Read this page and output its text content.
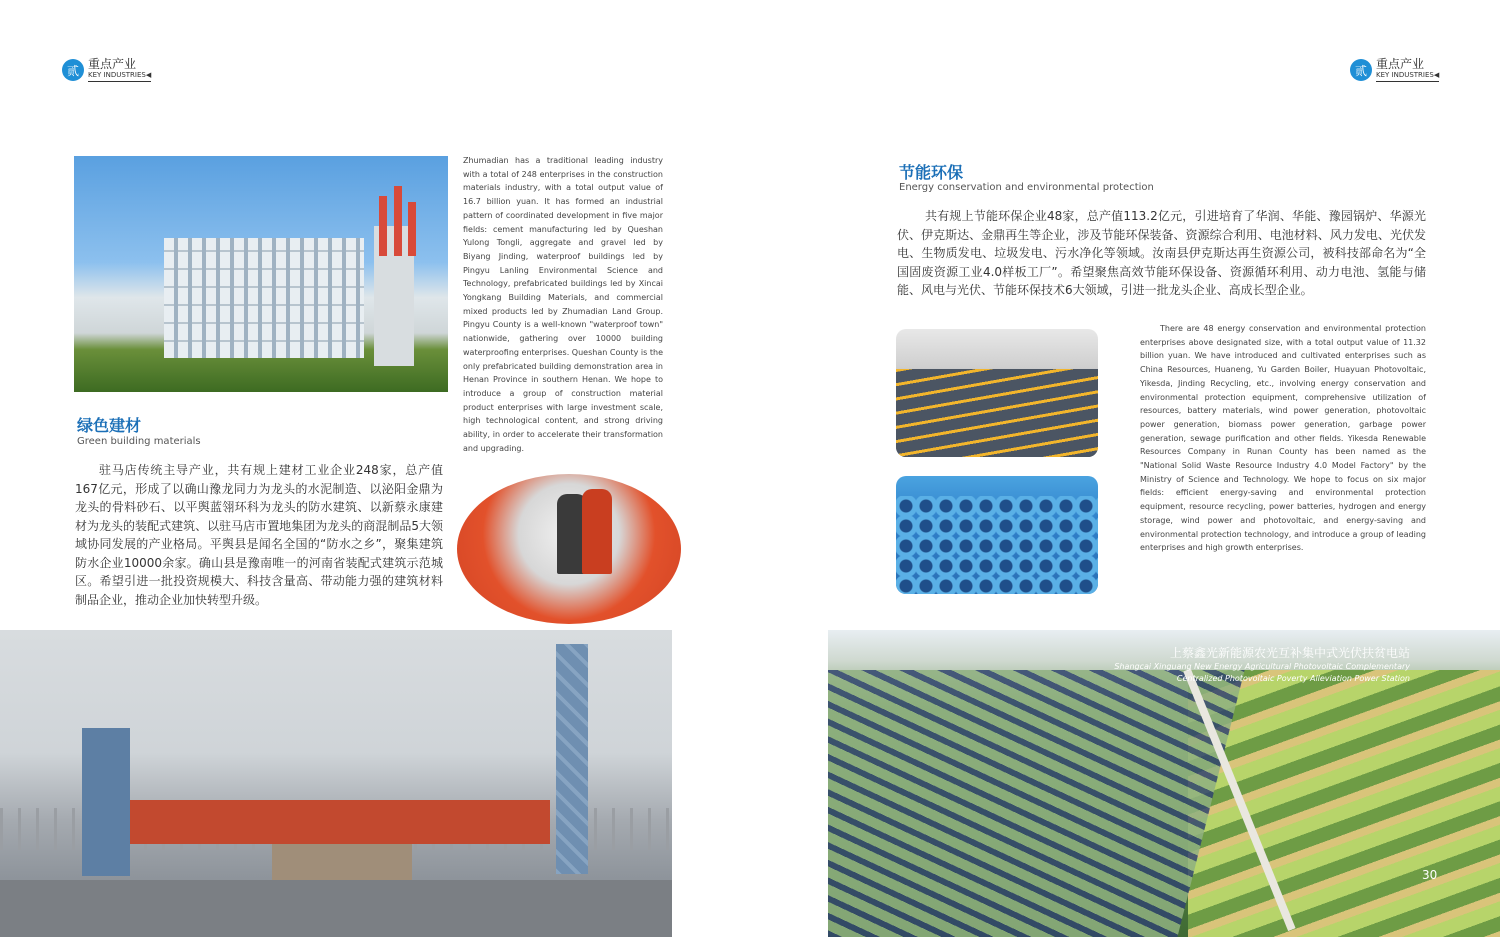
贰 重点产业
KEY INDUSTRIES◀	贰 重点产业
KEY INDUSTRIES◀
Zhumadian has a traditional leading industry with a total of 248 enterprises in the construction materials industry, with a total output value of 16.7 billion yuan. It has formed an industrial pattern of coordinated development in five major fields: cement manufacturing led by Queshan Yulong Tongli, aggregate and gravel led by Biyang Jinding, waterproof buildings led by Pingyu Lanling Environmental Science and Technology, prefabricated buildings led by Xincai Yongkang Building Materials, and commercial mixed products led by Zhumadian Land Group. Pingyu County is a well-known "waterproof town" nationwide, gathering over 10000 building waterproofing enterprises. Queshan County is the only prefabricated building demonstration area in Henan Province in southern Henan. We hope to introduce a group of construction material product enterprises with large investment scale, high technological content, and strong driving ability, in order to accelerate their transformation and upgrading.
绿色建材
Green building materials
驻马店传统主导产业，共有规上建材工业企业248家，总产值167亿元，形成了以确山豫龙同力为龙头的水泥制造、以泌阳金鼎为龙头的骨料砂石、以平舆蓝翎环科为龙头的防水建筑、以新蔡永康建材为龙头的装配式建筑、以驻马店市置地集团为龙头的商混制品5大领域协同发展的产业格局。平舆县是闻名全国的“防水之乡”，聚集建筑防水企业10000余家。确山县是豫南唯一的河南省装配式建筑示范城区。希望引进一批投资规模大、科技含量高、带动能力强的建筑材料制品企业，推动企业加快转型升级。
节能环保
Energy conservation and environmental protection
共有规上节能环保企业48家，总产值113.2亿元，引进培育了华润、华能、豫园锅炉、华源光伏、伊克斯达、金鼎再生等企业，涉及节能环保装备、资源综合利用、电池材料、风力发电、光伏发电、生物质发电、垃圾发电、污水净化等领域。汝南县伊克斯达再生资源公司，被科技部命名为“全国固废资源工业4.0样板工厂”。希望聚焦高效节能环保设备、资源循环利用、动力电池、氢能与储能、风电与光伏、节能环保技术6大领域，引进一批龙头企业、高成长型企业。
There are 48 energy conservation and environmental protection enterprises above designated size, with a total output value of 11.32 billion yuan. We have introduced and cultivated enterprises such as China Resources, Huaneng, Yu Garden Boiler, Huayuan Photovoltaic, Yikesda, Jinding Recycling, etc., involving energy conservation and environmental protection equipment, comprehensive utilization of resources, battery materials, wind power generation, photovoltaic power generation, biomass power generation, garbage power generation, sewage purification and other fields. Yikesda Renewable Resources Company in Runan County has been named as the "National Solid Waste Resource Industry 4.0 Model Factory" by the Ministry of Science and Technology. We hope to focus on six major fields: efficient energy-saving and environmental protection equipment, resource recycling, power batteries, hydrogen and energy storage, wind power and photovoltaic, and energy-saving and environmental protection technology, and introduce a group of leading enterprises and high growth enterprises.
上蔡鑫光新能源农光互补集中式光伏扶贫电站
Shangcai Xinguang New Energy Agricultural Photovoltaic Complementary
Centralized Photovoltaic Poverty Alleviation Power Station
30
